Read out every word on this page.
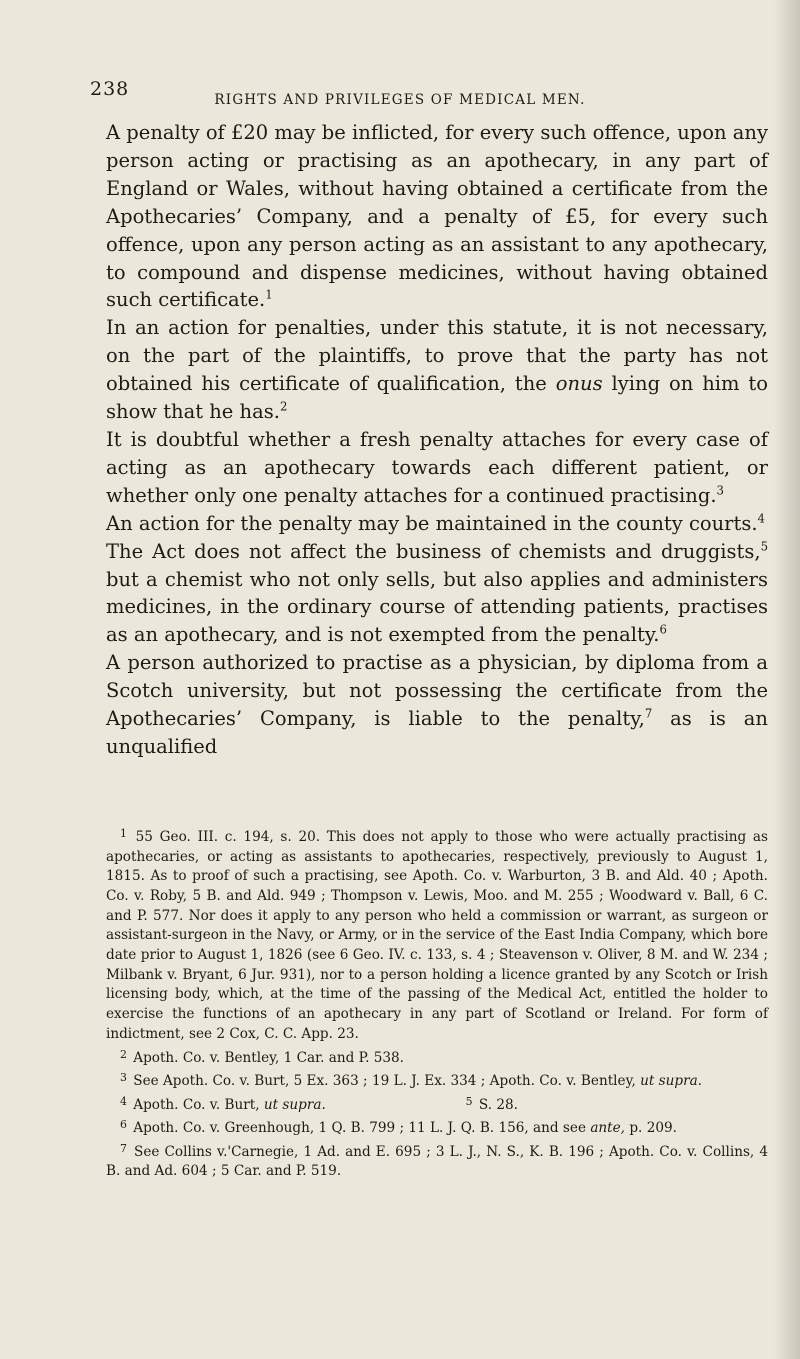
238	RIGHTS AND PRIVILEGES OF MEDICAL MEN.

A penalty of £20 may be inflicted, for every such offence, upon any person acting or practising as an apothecary, in any part of England or Wales, without having obtained a certificate from the Apothecaries’ Company, and a penalty of £5, for every such offence, upon any person acting as an assistant to any apothecary, to compound and dispense medicines, without having obtained such certificate.$^1$

In an action for penalties, under this statute, it is not necessary, on the part of the plaintiffs, to prove that the party has not obtained his certificate of qualification, the onus lying on him to show that he has.$^2$

It is doubtful whether a fresh penalty attaches for every case of acting as an apothecary towards each different patient, or whether only one penalty attaches for a continued practising.$^3$

An action for the penalty may be maintained in the county courts.$^4$

The Act does not affect the business of chemists and druggists,$^5$ but a chemist who not only sells, but also applies and administers medicines, in the ordinary course of attending patients, practises as an apothecary, and is not exempted from the penalty.$^6$

A person authorized to practise as a physician, by diploma from a Scotch university, but not possessing the certificate from the Apothecaries’ Company, is liable to the penalty,$^7$ as is an unqualified

$^1$ 55 Geo. III. c. 194, s. 20. This does not apply to those who were actually practising as apothecaries, or acting as assistants to apothecaries, respectively, previously to August 1, 1815. As to proof of such a practising, see Apoth. Co. v. Warburton, 3 B. and Ald. 40 ; Apoth. Co. v. Roby, 5 B. and Ald. 949 ; Thompson v. Lewis, Moo. and M. 255 ; Woodward v. Ball, 6 C. and P. 577. Nor does it apply to any person who held a commission or warrant, as surgeon or assistant-surgeon in the Navy, or Army, or in the service of the East India Company, which bore date prior to August 1, 1826 (see 6 Geo. IV. c. 133, s. 4 ; Steavenson v. Oliver, 8 M. and W. 234 ; Milbank v. Bryant, 6 Jur. 931), nor to a person holding a licence granted by any Scotch or Irish licensing body, which, at the time of the passing of the Medical Act, entitled the holder to exercise the functions of an apothecary in any part of Scotland or Ireland. For form of indictment, see 2 Cox, C. C. App. 23.

$^2$ Apoth. Co. v. Bentley, 1 Car. and P. 538.

$^3$ See Apoth. Co. v. Burt, 5 Ex. 363 ; 19 L. J. Ex. 334 ; Apoth. Co. v. Bentley, ut supra.

$^4$ Apoth. Co. v. Burt, ut supra.	$^5$ S. 28.

$^6$ Apoth. Co. v. Greenhough, 1 Q. B. 799 ; 11 L. J. Q. B. 156, and see ante, p. 209.

$^7$ See Collins v.'Carnegie, 1 Ad. and E. 695 ; 3 L. J., N. S., K. B. 196 ; Apoth. Co. v. Collins, 4 B. and Ad. 604 ; 5 Car. and P. 519.
